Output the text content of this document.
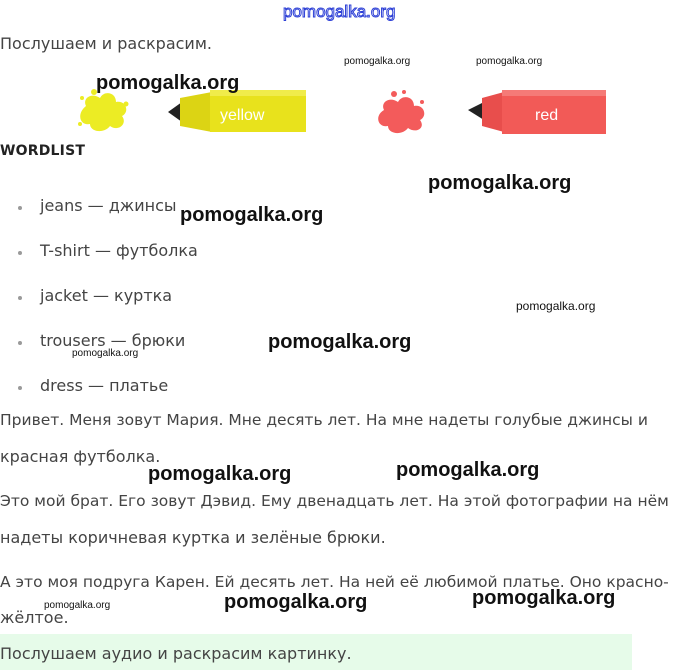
pomogalka.org
Послушаем и раскрасим.
yellow	red
WORDLIST
jeans — джинсы
T-shirt — футболка
jacket — куртка
trousers — брюки
dress — платье
Привет. Меня зовут Мария. Мне десять лет. На мне надеты голубые джинсы и
красная футболка.
Это мой брат. Его зовут Дэвид. Ему двенадцать лет. На этой фотографии на нём
надеты коричневая куртка и зелёные брюки.
А это моя подруга Карен. Ей десять лет. На ней её любимой платье. Оно красно-
жёлтое.
Послушаем аудио и раскрасим картинку.
pomogalka.org
pomogalka.org	pomogalka.org
pomogalka.org
pomogalka.org
pomogalka.org
pomogalka.org
pomogalka.org
pomogalka.org	pomogalka.org
pomogalka.org	pomogalka.org	pomogalka.org
